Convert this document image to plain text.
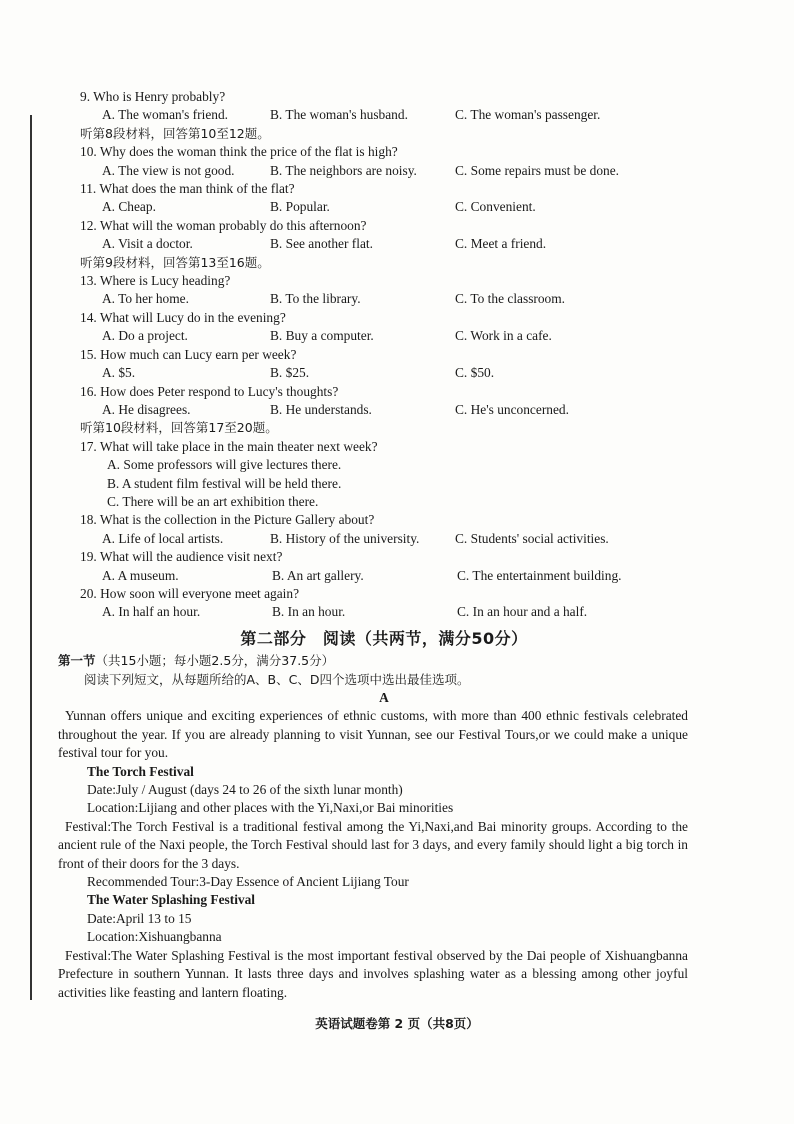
9. Who is Henry probably?

A. The woman's friend.	B. The woman's husband.	C. The woman's passenger.

听第8段材料，回答第10至12题。

10. Why does the woman think the price of the flat is high?

A. The view is not good.	B. The neighbors are noisy.	C. Some repairs must be done.

11. What does the man think of the flat?

A. Cheap.	B. Popular.	C. Convenient.

12. What will the woman probably do this afternoon?

A. Visit a doctor.	B. See another flat.	C. Meet a friend.

听第9段材料，回答第13至16题。

13. Where is Lucy heading?

A. To her home.	B. To the library.	C. To the classroom.

14. What will Lucy do in the evening?

A. Do a project.	B. Buy a computer.	C. Work in a cafe.

15. How much can Lucy earn per week?

A. $5.	B. $25.	C. $50.

16. How does Peter respond to Lucy's thoughts?

A. He disagrees.	B. He understands.	C. He's unconcerned.

听第10段材料，回答第17至20题。

17. What will take place in the main theater next week?

A. Some professors will give lectures there.

B. A student film festival will be held there.

C. There will be an art exhibition there.

18. What is the collection in the Picture Gallery about?

A. Life of local artists.	B. History of the university.	C. Students' social activities.

19. What will the audience visit next?

A. A museum.	B. An art gallery.	C. The entertainment building.

20. How soon will everyone meet again?

A. In half an hour.	B. In an hour.	C. In an hour and a half.

第二部分　阅读（共两节，满分50分）

第一节（共15小题；每小题2.5分，满分37.5分）

阅读下列短文，从每题所给的A、B、C、D四个选项中选出最佳选项。

A

Yunnan offers unique and exciting experiences of ethnic customs, with more than 400 ethnic festivals celebrated throughout the year. If you are already planning to visit Yunnan, see our Festival Tours,or we could make a unique festival tour for you.

The Torch Festival

Date:July / August (days 24 to 26 of the sixth lunar month)

Location:Lijiang and other places with the Yi,Naxi,or Bai minorities

Festival:The Torch Festival is a traditional festival among the Yi,Naxi,and Bai minority groups. According to the ancient rule of the Naxi people, the Torch Festival should last for 3 days, and every family should light a big torch in front of their doors for the 3 days.

Recommended Tour:3-Day Essence of Ancient Lijiang Tour

The Water Splashing Festival

Date:April 13 to 15

Location:Xishuangbanna

Festival:The Water Splashing Festival is the most important festival observed by the Dai people of Xishuangbanna Prefecture in southern Yunnan. It lasts three days and involves splashing water as a blessing among other joyful activities like feasting and lantern floating.

英语试题卷第 2 页（共8页）
